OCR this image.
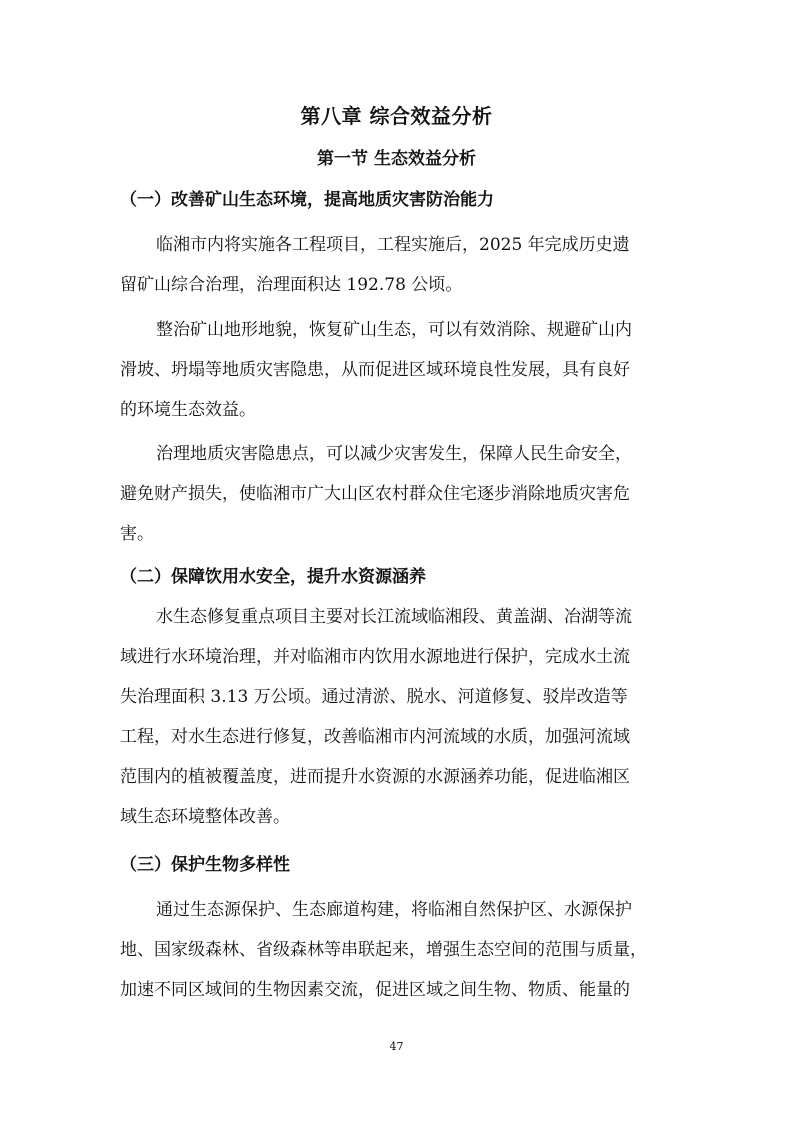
第八章 综合效益分析
第一节 生态效益分析
（一）改善矿山生态环境，提高地质灾害防治能力
临湘市内将实施各工程项目，工程实施后，2025 年完成历史遗
留矿山综合治理，治理面积达 192.78 公顷。
整治矿山地形地貌，恢复矿山生态，可以有效消除、规避矿山内
滑坡、坍塌等地质灾害隐患，从而促进区域环境良性发展，具有良好
的环境生态效益。
治理地质灾害隐患点，可以减少灾害发生，保障人民生命安全，
避免财产损失，使临湘市广大山区农村群众住宅逐步消除地质灾害危
害。
（二）保障饮用水安全，提升水资源涵养
水生态修复重点项目主要对长江流域临湘段、黄盖湖、冶湖等流
域进行水环境治理，并对临湘市内饮用水源地进行保护，完成水土流
失治理面积 3.13 万公顷。通过清淤、脱水、河道修复、驳岸改造等
工程，对水生态进行修复，改善临湘市内河流域的水质，加强河流域
范围内的植被覆盖度，进而提升水资源的水源涵养功能，促进临湘区
域生态环境整体改善。
（三）保护生物多样性
通过生态源保护、生态廊道构建，将临湘自然保护区、水源保护
地、国家级森林、省级森林等串联起来，增强生态空间的范围与质量，
加速不同区域间的生物因素交流，促进区域之间生物、物质、能量的
47
